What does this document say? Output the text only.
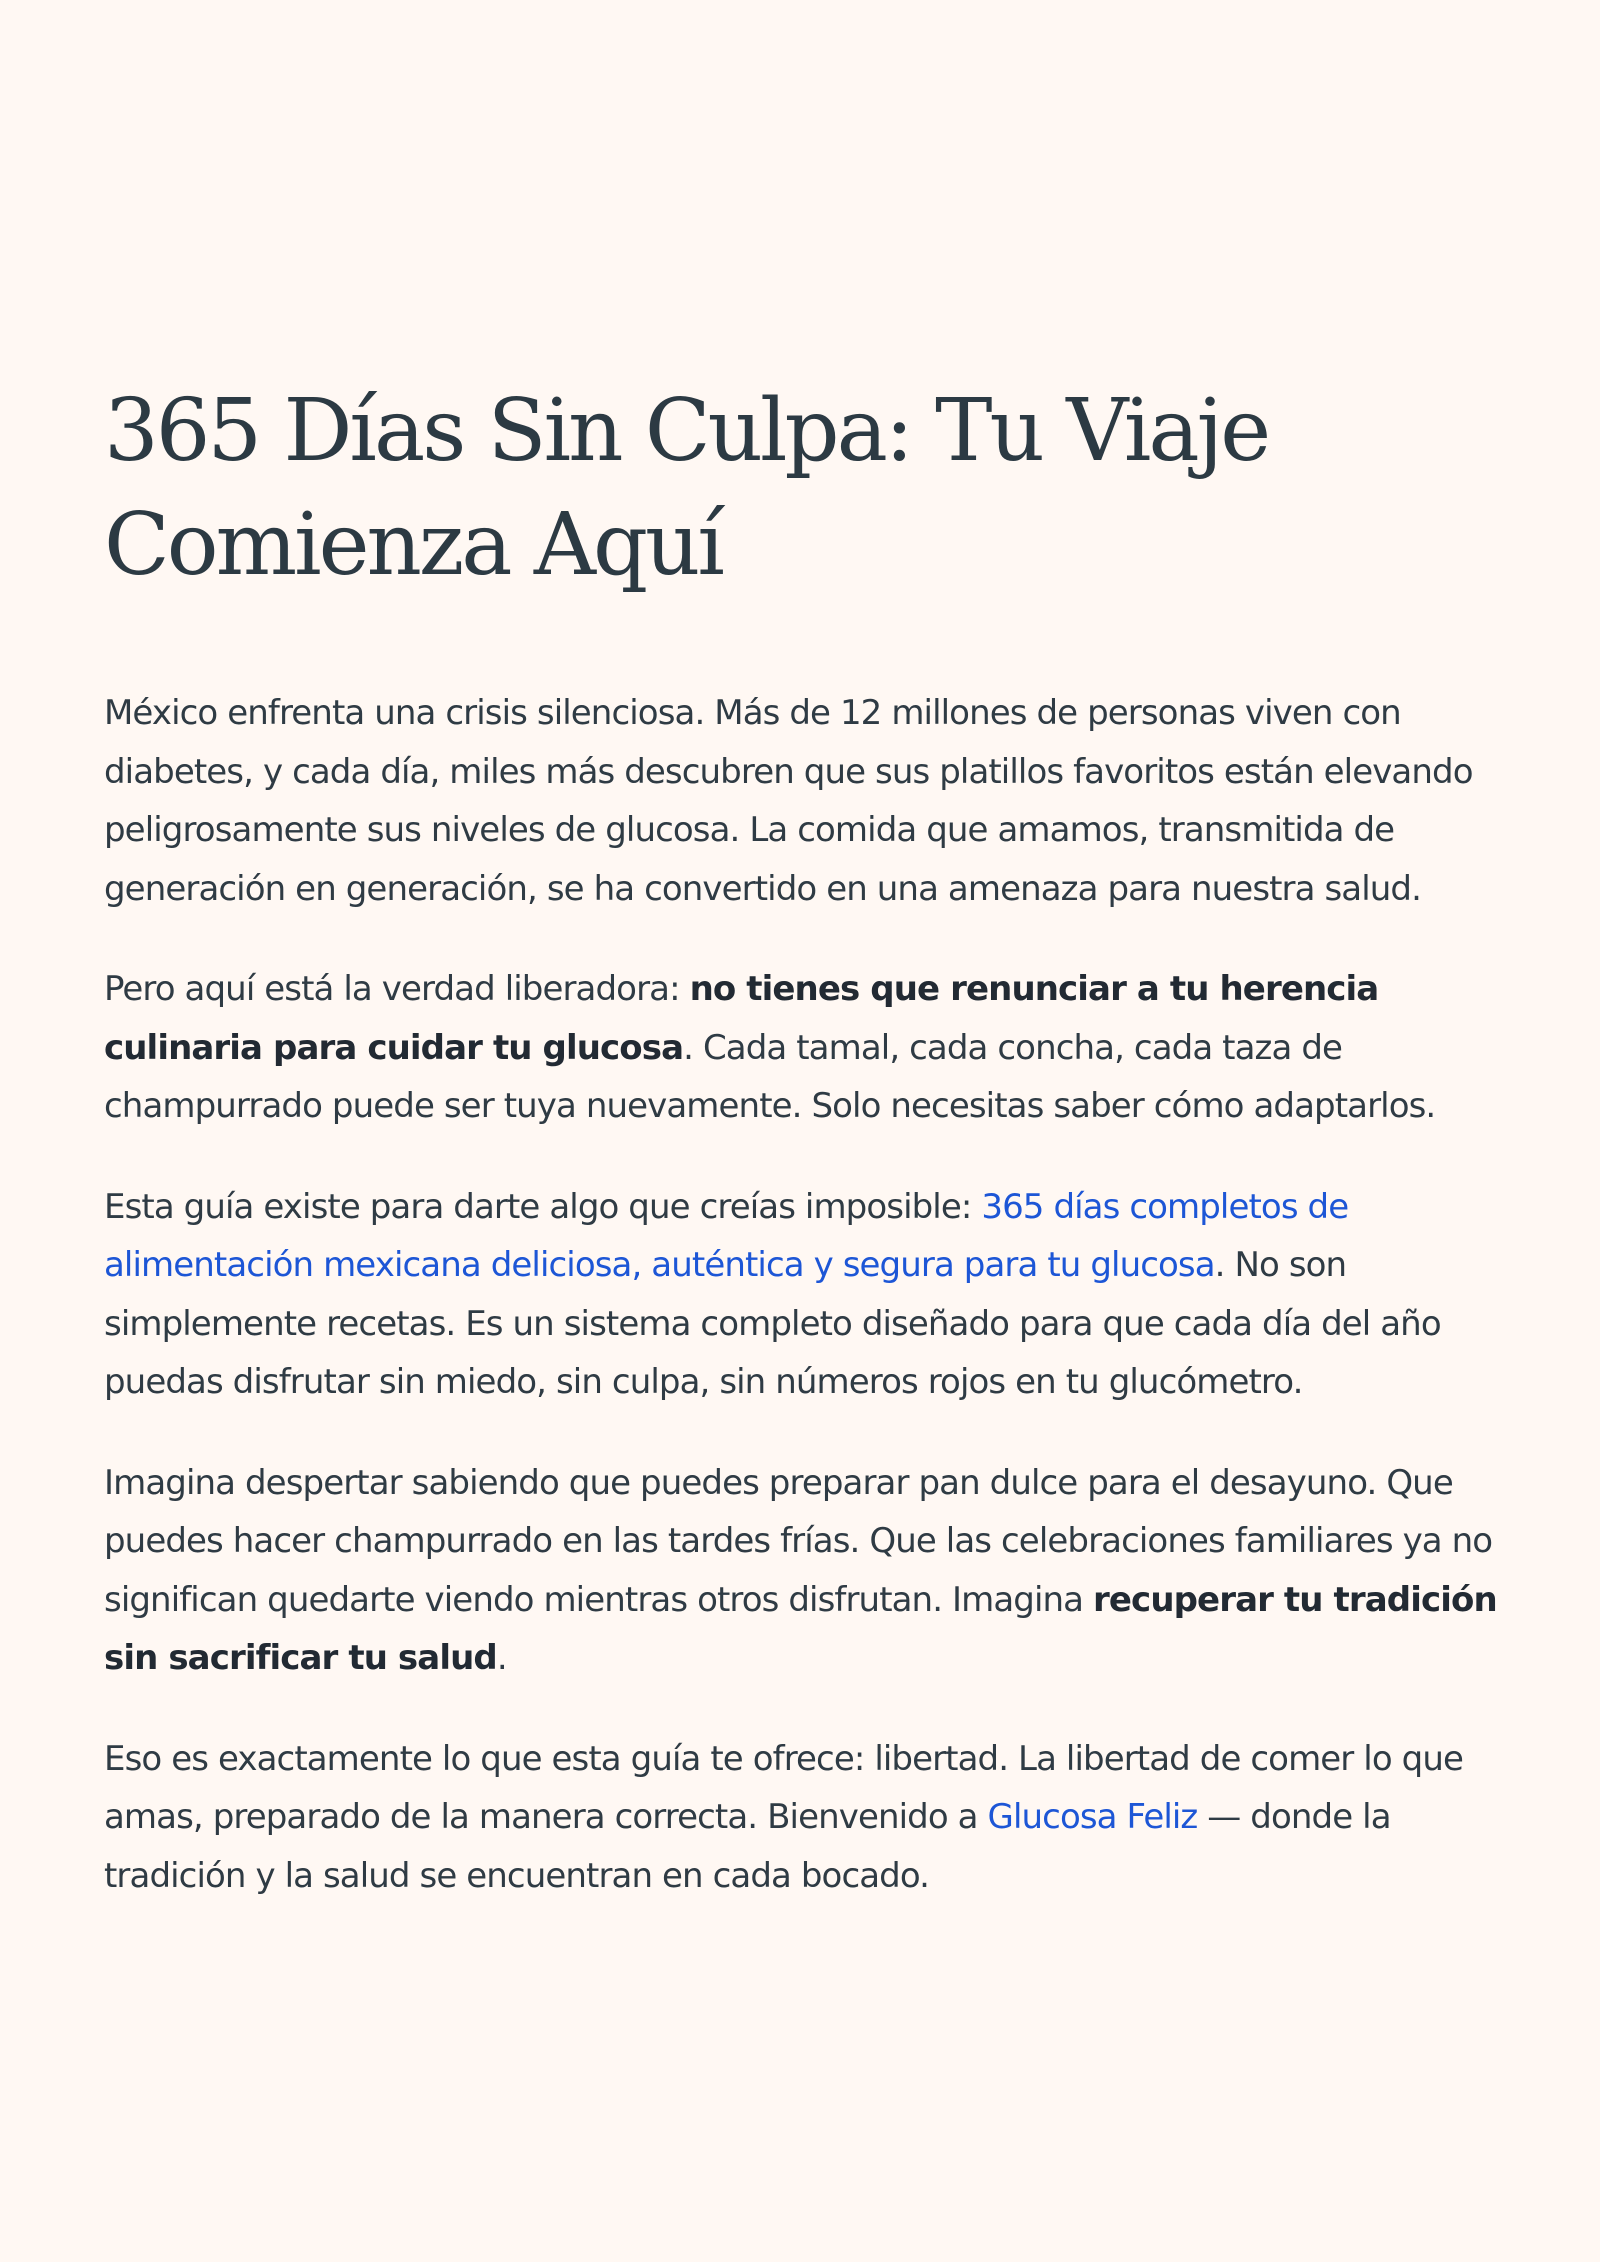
365 Días Sin Culpa: Tu Viaje Comienza Aquí

México enfrenta una crisis silenciosa. Más de 12 millones de personas viven con diabetes, y cada día, miles más descubren que sus platillos favoritos están elevando peligrosamente sus niveles de glucosa. La comida que amamos, transmitida de generación en generación, se ha convertido en una amenaza para nuestra salud.

Pero aquí está la verdad liberadora: no tienes que renunciar a tu herencia culinaria para cuidar tu glucosa. Cada tamal, cada concha, cada taza de champurrado puede ser tuya nuevamente. Solo necesitas saber cómo adaptarlos.

Esta guía existe para darte algo que creías imposible: 365 días completos de alimentación mexicana deliciosa, auténtica y segura para tu glucosa. No son simplemente recetas. Es un sistema completo diseñado para que cada día del año puedas disfrutar sin miedo, sin culpa, sin números rojos en tu glucómetro.

Imagina despertar sabiendo que puedes preparar pan dulce para el desayuno. Que puedes hacer champurrado en las tardes frías. Que las celebraciones familiares ya no significan quedarte viendo mientras otros disfrutan. Imagina recuperar tu tradición sin sacrificar tu salud.

Eso es exactamente lo que esta guía te ofrece: libertad. La libertad de comer lo que amas, preparado de la manera correcta. Bienvenido a Glucosa Feliz — donde la tradición y la salud se encuentran en cada bocado.
